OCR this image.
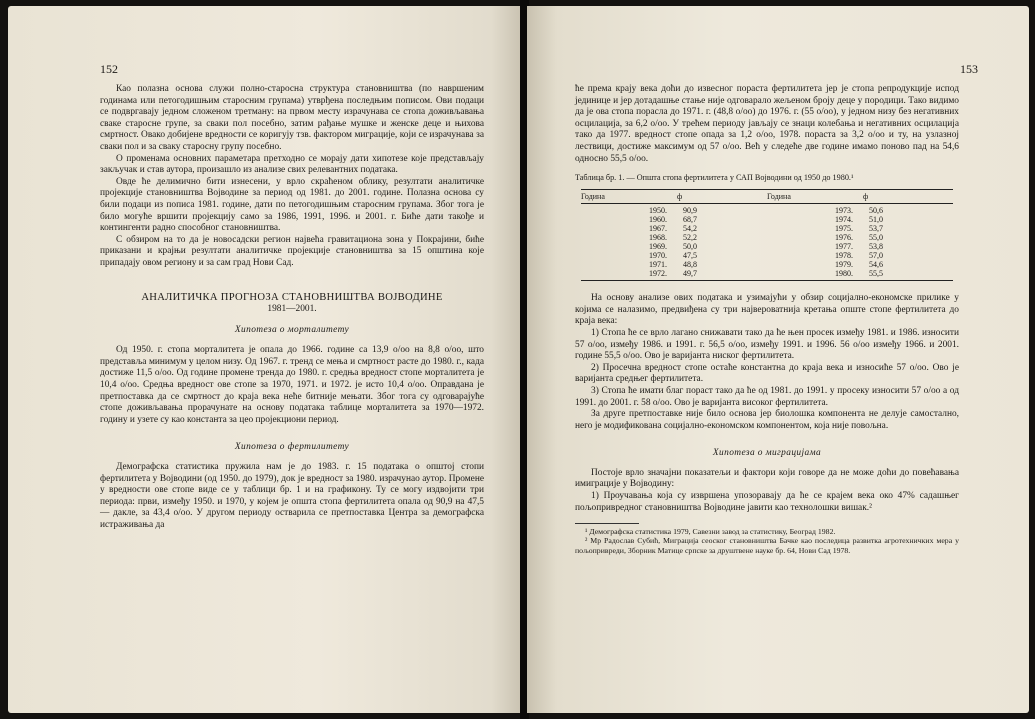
152

Као полазна основа служи полно-старосна структура становништва (по навршеним годинама или петогодишњим старосним групама) утврђена последњим пописом. Ови подаци се подвргавају једном сложеном третману: на првом месту израчунава се стопа доживљавања сваке старосне групе, за сваки пол посебно, затим рађање мушке и женске деце и њихова смртност. Овако добијене вредности се коригују тзв. фактором миграције, који се израчунава за сваки пол и за сваку старосну групу посебно.

О променама основних параметара претходно се морају дати хипотезе које представљају закључак и став аутора, произашло из анализе свих релевантних података.

Овде ће делимично бити изнесени, у врло скраћеном облику, резултати аналитичке пројекције становништва Војводине за период од 1981. до 2001. године. Полазна основа су били подаци из пописа 1981. године, дати по петогодишњим старосним групама. Због тога је било могуће вршити пројекцију само за 1986, 1991, 1996. и 2001. г. Биће дати такође и контингенти радно способног становништва.

С обзиром на то да је новосадски регион највећа гравитациона зона у Покрајини, биће приказани и крајњи резултати аналитичке пројекције становништва за 15 општина које припадају овом региону и за сам град Нови Сад.

АНАЛИТИЧКА ПРОГНОЗА СТАНОВНИШТВА ВОЈВОДИНЕ
1981—2001.
Хипотеза о морталитету

Од 1950. г. стопа морталитета је опала до 1966. године са 13,9 о/оо на 8,8 о/оо, што представља минимум у целом низу. Од 1967. г. тренд се мења и смртност расте до 1980. г., када достиже 11,5 о/оо. Од године промене тренда до 1980. г. средња вредност стопе морталитета је 10,4 о/оо. Средња вредност ове стопе за 1970, 1971. и 1972. је исто 10,4 о/оо. Оправдана је претпоставка да се смртност до краја века неће битније мењати. Због тога су одговарајуће стопе доживљавања прорачунате на основу података таблице морталитета за 1970—1972. годину и узете су као константа за цео пројекциони период.

Хипотеза о фертилитету

Демографска статистика пружила нам је до 1983. г. 15 података о општој стопи фертилитета у Војводини (од 1950. до 1979), док је вредност за 1980. израчунао аутор. Промене у вредности ове стопе виде се у таблици бр. 1 и на графикону. Ту се могу издвојити три периода: први, између 1950. и 1970, у којем је општа стопа фертилитета опала од 90,9 на 47,5 — дакле, за 43,4 о/оо. У другом периоду остварила се претпоставка Центра за демографска истраживања да

153

ће према крају века доћи до извесног пораста фертилитета јер је стопа репродукције испод јединице и јер дотадашње стање није одговарало жељеном броју деце у породици. Тако видимо да је ова стопа порасла до 1971. г. (48,8 о/оо) до 1976. г. (55 о/оо), у једном низу без негативних осцилација, за 6,2 о/оо. У трећем периоду јављају се знаци колебања и негативних осцилација тако да 1977. вредност стопе опада за 1,2 о/оо, 1978. пораста за 3,2 о/оо и ту, на узлазној лествици, достиже максимум од 57 о/оо. Већ у следеће две године имамо поново пад на 54,6 односно 55,5 о/оо.

Таблица бр. 1. — Општа стопа фертилитета у САП Војводини од 1950 до 1980.¹

Година	ф	Година	ф
1950.	90,9	1973.	50,6
1960.	68,7	1974.	51,0
1967.	54,2	1975.	53,7
1968.	52,2	1976.	55,0
1969.	50,0	1977.	53,8
1970.	47,5	1978.	57,0
1971.	48,8	1979.	54,6
1972.	49,7	1980.	55,5

На основу анализе ових података и узимајући у обзир социјално-економске прилике у којима се налазимо, предвиђена су три највероватнија кретања опште стопе фертилитета до краја века:

1) Стопа ће се врло лагано снижавати тако да ће њен просек између 1981. и 1986. износити 57 о/оо, између 1986. и 1991. г. 56,5 о/оо, између 1991. и 1996. 56 о/оо између 1966. и 2001. године 55,5 о/оо. Ово је варијанта ниског фертилитета.

2) Просечна вредност стопе остаће константна до краја века и износиће 57 о/оо. Ово је варијанта средњег фертилитета.

3) Стопа ће имати благ пораст тако да ће од 1981. до 1991. у просеку износити 57 о/оо а од 1991. до 2001. г. 58 о/оо. Ово је варијанта високог фертилитета.

За друге претпоставке није било основа јер биолошка компонента не делује самостално, него је модификована социјално-економском компонентом, која није повољна.

Хипотеза о миграцијама

Постоје врло значајни показатељи и фактори који говоре да не може доћи до повећавања имиграције у Војводину:

1) Проучавања која су извршена упозоравају да ће се крајем века око 47% садашњег пољопривредног становништва Војводине јавити као технолошки вишак.²

¹ Демографска статистика 1979, Савезни завод за статистику, Београд 1982.

² Мр Радослав Субић, Миграција сеоског становништва Бачке као последица развитка агротехничких мера у пољопривреди, Зборник Матице српске за друштвене науке бр. 64, Нови Сад 1978.
